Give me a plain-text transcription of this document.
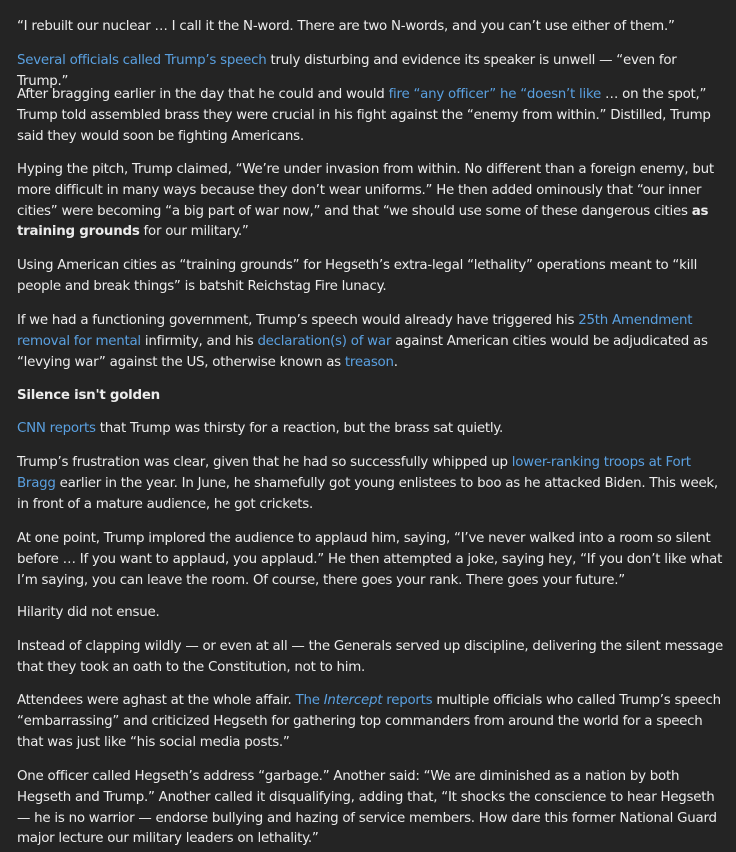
“I rebuilt our nuclear … I call it the N-word. There are two N-words, and you can’t use either of them.”

Several officials called Trump’s speech truly disturbing and evidence its speaker is unwell — “even for Trump.”

After bragging earlier in the day that he could and would fire “any officer” he “doesn’t like … on the spot,” Trump told assembled brass they were crucial in his fight against the “enemy from within.” Distilled, Trump said they would soon be fighting Americans.

Hyping the pitch, Trump claimed, “We’re under invasion from within. No different than a foreign enemy, but more difficult in many ways because they don’t wear uniforms.” He then added ominously that “our inner cities” were becoming “a big part of war now,” and that “we should use some of these dangerous cities as training grounds for our military.”

Using American cities as “training grounds” for Hegseth’s extra-legal “lethality” operations meant to “kill people and break things” is batshit Reichstag Fire lunacy.

If we had a functioning government, Trump’s speech would already have triggered his 25th Amendment removal for mental infirmity, and his declaration(s) of war against American cities would be adjudicated as “levying war” against the US, otherwise known as treason.

Silence isn't golden

CNN reports that Trump was thirsty for a reaction, but the brass sat quietly.

Trump’s frustration was clear, given that he had so successfully whipped up lower-ranking troops at Fort Bragg earlier in the year. In June, he shamefully got young enlistees to boo as he attacked Biden. This week, in front of a mature audience, he got crickets.

At one point, Trump implored the audience to applaud him, saying, “I’ve never walked into a room so silent before … If you want to applaud, you applaud.” He then attempted a joke, saying hey, “If you don’t like what I’m saying, you can leave the room. Of course, there goes your rank. There goes your future.”

Hilarity did not ensue.

Instead of clapping wildly — or even at all — the Generals served up discipline, delivering the silent message that they took an oath to the Constitution, not to him.

Attendees were aghast at the whole affair. The Intercept reports multiple officials who called Trump’s speech “embarrassing” and criticized Hegseth for gathering top commanders from around the world for a speech that was just like “his social media posts.”

One officer called Hegseth’s address “garbage.” Another said: “We are diminished as a nation by both Hegseth and Trump.” Another called it disqualifying, adding that, “It shocks the conscience to hear Hegseth — he is no warrior — endorse bullying and hazing of service members. How dare this former National Guard major lecture our military leaders on lethality.”
